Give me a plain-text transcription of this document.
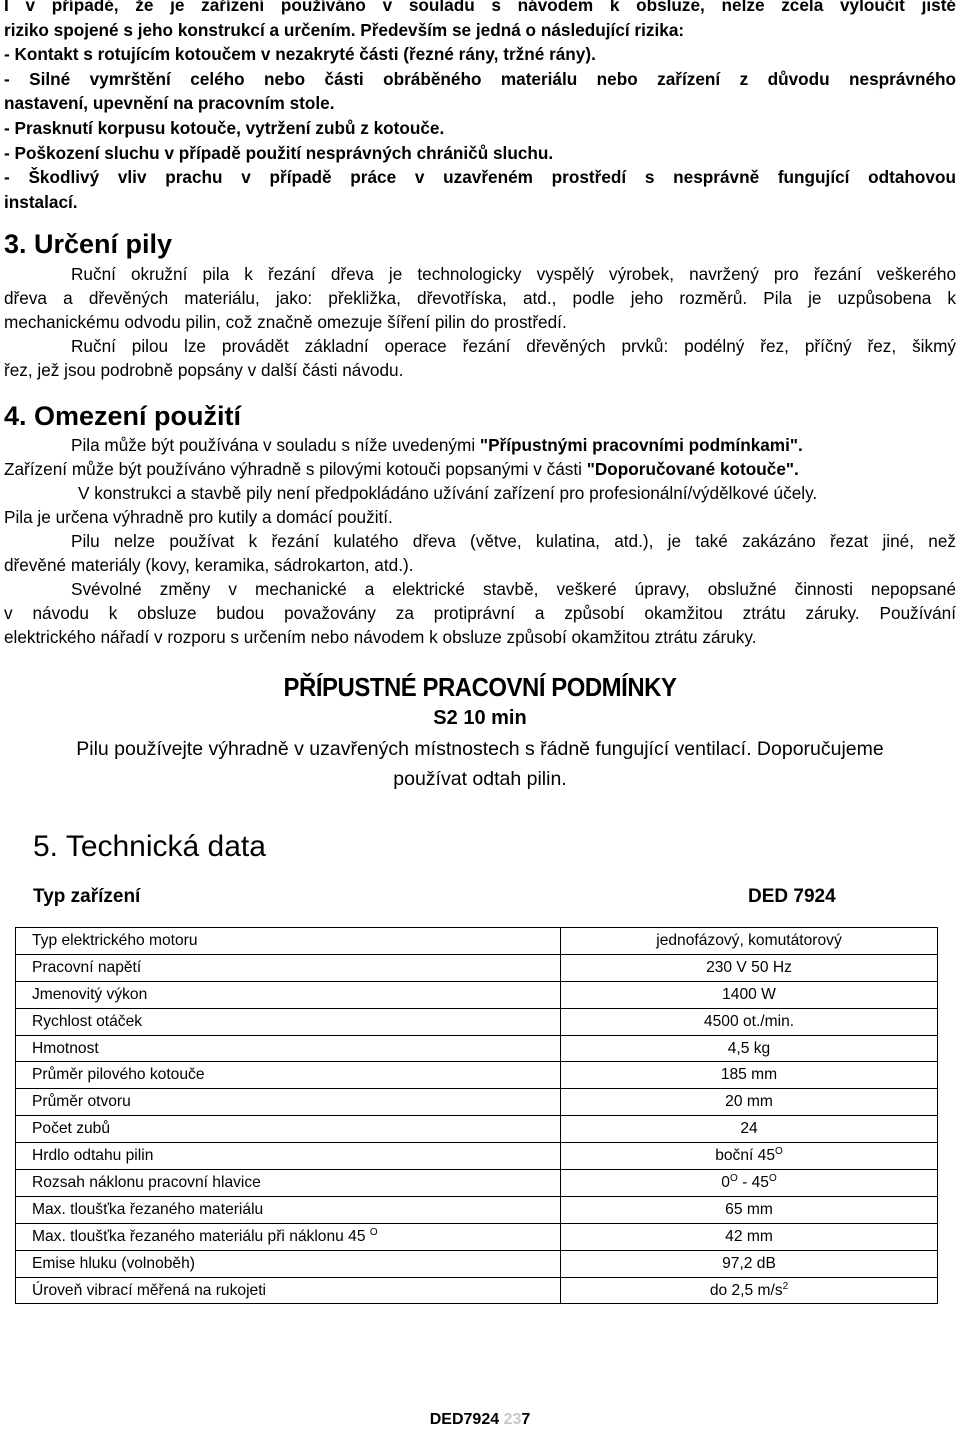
I v případě, že je zařízení používáno v souladu s návodem k obsluze, nelze zcela vyloučit jisté
riziko spojené s jeho konstrukcí a určením. Především se jedná o následující rizika:
- Kontakt s rotujícím kotoučem v nezakryté části (řezné rány, tržné rány).
- Silné vymrštění celého nebo části obráběného materiálu nebo zařízení z důvodu nesprávného
nastavení, upevnění na pracovním stole.
- Prasknutí korpusu kotouče, vytržení zubů z kotouče.
- Poškození sluchu v případě použití nesprávných chráničů sluchu.
- Škodlivý vliv prachu v případě práce v uzavřeném prostředí s nesprávně fungující odtahovou
instalací.
3. Určení pily
Ruční okružní pila k řezání dřeva je technologicky vyspělý výrobek, navržený pro řezání veškerého
dřeva a dřevěných materiálu, jako: překližka, dřevotříska, atd., podle jeho rozměrů. Pila je uzpůsobena k
mechanickému odvodu pilin, což značně omezuje šíření pilin do prostředí.
Ruční pilou lze provádět základní operace řezání dřevěných prvků: podélný řez, příčný řez, šikmý
řez, jež jsou podrobně popsány v další části návodu.
4. Omezení použití
Pila může být používána v souladu s níže uvedenými "Přípustnými pracovními podmínkami".
Zařízení může být používáno výhradně s pilovými kotouči popsanými v části "Doporučované kotouče".
V konstrukci a stavbě pily není předpokládáno užívání zařízení pro profesionální/výdělkové účely.
Pila je určena výhradně pro kutily a domácí použití.
Pilu nelze používat k řezání kulatého dřeva (větve, kulatina, atd.), je také zakázáno řezat jiné, než
dřevěné materiály (kovy, keramika, sádrokarton, atd.).
Svévolné změny v mechanické a elektrické stavbě, veškeré úpravy, obslužné činnosti nepopsané
v návodu k obsluze budou považovány za protiprávní a způsobí okamžitou ztrátu záruky. Používání
elektrického nářadí v rozporu s určením nebo návodem k obsluze způsobí okamžitou ztrátu záruky.
PŘÍPUSTNÉ PRACOVNÍ PODMÍNKY
S2 10 min
Pilu používejte výhradně v uzavřených místnostech s řádně fungující ventilací. Doporučujeme
používat odtah pilin.
5. Technická data
Typ zařízení	DED 7924
Typ elektrického motoru	jednofázový, komutátorový
Pracovní napětí	230 V 50 Hz
Jmenovitý výkon	1400 W
Rychlost otáček	4500 ot./min.
Hmotnost	4,5 kg
Průměr pilového kotouče	185 mm
Průměr otvoru	20 mm
Počet zubů	24
Hrdlo odtahu pilin	boční $45^O$
Rozsah náklonu pracovní hlavice	$0^O - 45^O$
Max. tloušťka řezaného materiálu	65 mm
Max. tloušťka řezaného materiálu při náklonu 45 $^O$	42 mm
Emise hluku (volnoběh)	97,2 dB
Úroveň vibrací měřená na rukojeti	do 2,5 $m/s^2$
DED7924 237
